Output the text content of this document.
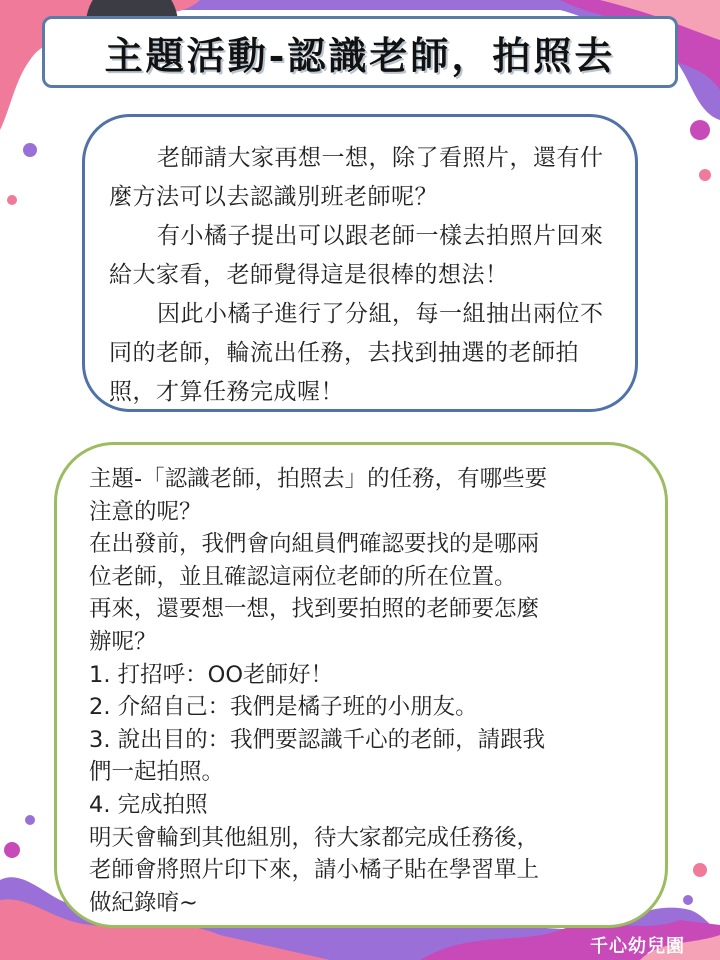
主題活動-認識老師，拍照去

老師請大家再想一想，除了看照片，還有什麼方法可以去認識別班老師呢？

有小橘子提出可以跟老師一樣去拍照片回來給大家看，老師覺得這是很棒的想法！

因此小橘子進行了分組，每一組抽出兩位不同的老師，輪流出任務，去找到抽選的老師拍照，才算任務完成喔！

主題-「認識老師，拍照去」的任務，有哪些要
注意的呢？
在出發前，我們會向組員們確認要找的是哪兩
位老師，並且確認這兩位老師的所在位置。
再來，還要想一想，找到要拍照的老師要怎麼
辦呢？
1. 打招呼：OO老師好！
2. 介紹自己：我們是橘子班的小朋友。
3. 說出目的：我們要認識千心的老師，請跟我
們一起拍照。
4. 完成拍照
明天會輪到其他組別，待大家都完成任務後，
老師會將照片印下來，請小橘子貼在學習單上
做紀錄唷~
千心幼兒園
